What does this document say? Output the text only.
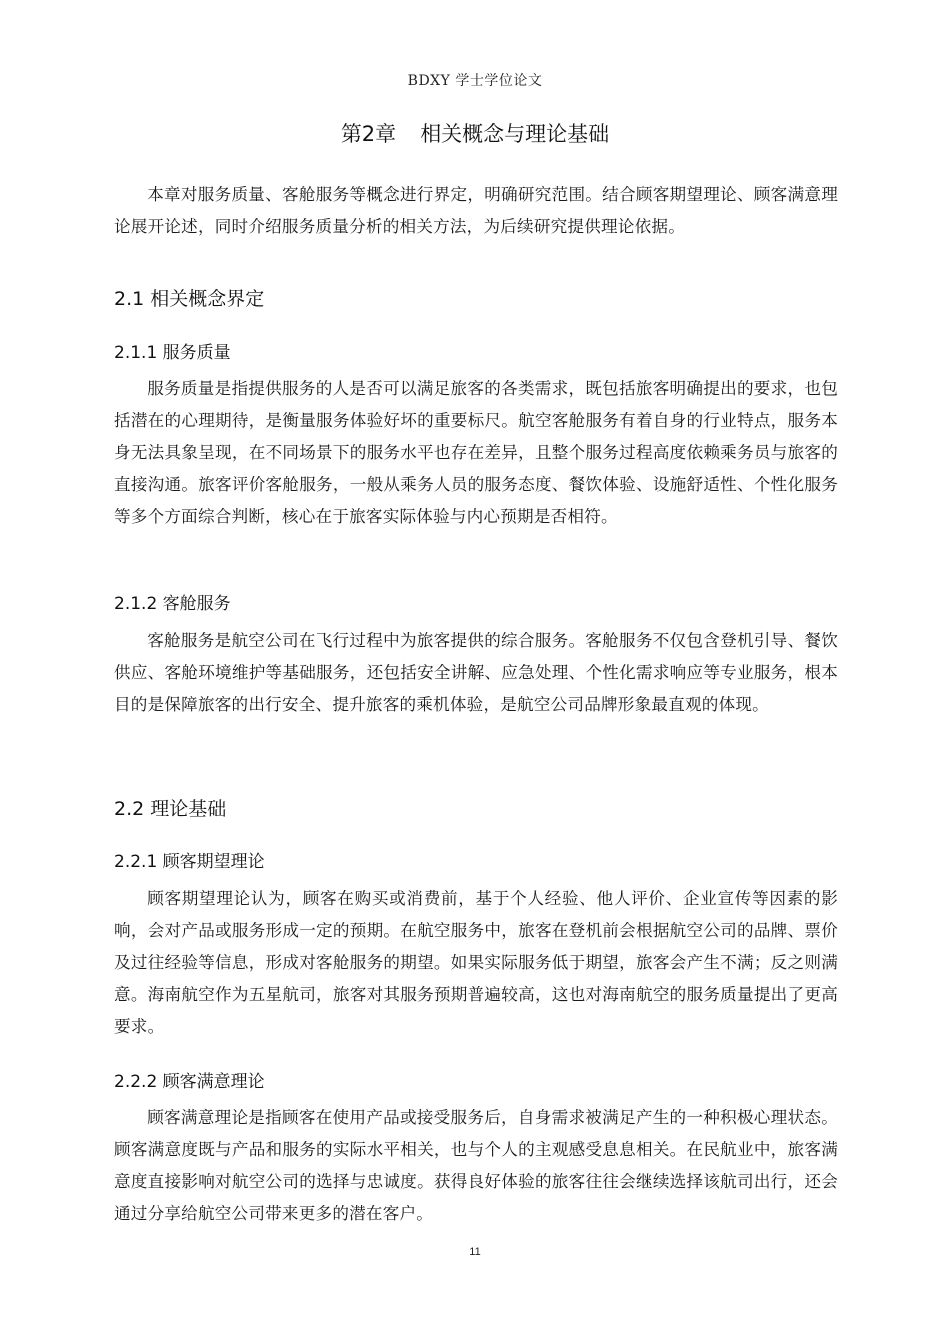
BDXY 学士学位论文
第2章 相关概念与理论基础

本章对服务质量、客舱服务等概念进行界定，明确研究范围。结合顾客期望理论、顾客满意理论展开论述，同时介绍服务质量分析的相关方法，为后续研究提供理论依据。

2.1 相关概念界定
2.1.1 服务质量

服务质量是指提供服务的人是否可以满足旅客的各类需求，既包括旅客明确提出的要求，也包括潜在的心理期待，是衡量服务体验好坏的重要标尺。航空客舱服务有着自身的行业特点，服务本身无法具象呈现，在不同场景下的服务水平也存在差异，且整个服务过程高度依赖乘务员与旅客的直接沟通。旅客评价客舱服务，一般从乘务人员的服务态度、餐饮体验、设施舒适性、个性化服务等多个方面综合判断，核心在于旅客实际体验与内心预期是否相符。

2.1.2 客舱服务

客舱服务是航空公司在飞行过程中为旅客提供的综合服务。客舱服务不仅包含登机引导、餐饮供应、客舱环境维护等基础服务，还包括安全讲解、应急处理、个性化需求响应等专业服务，根本目的是保障旅客的出行安全、提升旅客的乘机体验，是航空公司品牌形象最直观的体现。

2.2 理论基础
2.2.1 顾客期望理论

顾客期望理论认为，顾客在购买或消费前，基于个人经验、他人评价、企业宣传等因素的影响，会对产品或服务形成一定的预期。在航空服务中，旅客在登机前会根据航空公司的品牌、票价及过往经验等信息，形成对客舱服务的期望。如果实际服务低于期望，旅客会产生不满；反之则满意。海南航空作为五星航司，旅客对其服务预期普遍较高，这也对海南航空的服务质量提出了更高要求。

2.2.2 顾客满意理论

顾客满意理论是指顾客在使用产品或接受服务后，自身需求被满足产生的一种积极心理状态。顾客满意度既与产品和服务的实际水平相关，也与个人的主观感受息息相关。在民航业中，旅客满意度直接影响对航空公司的选择与忠诚度。获得良好体验的旅客往往会继续选择该航司出行，还会通过分享给航空公司带来更多的潜在客户。

11
